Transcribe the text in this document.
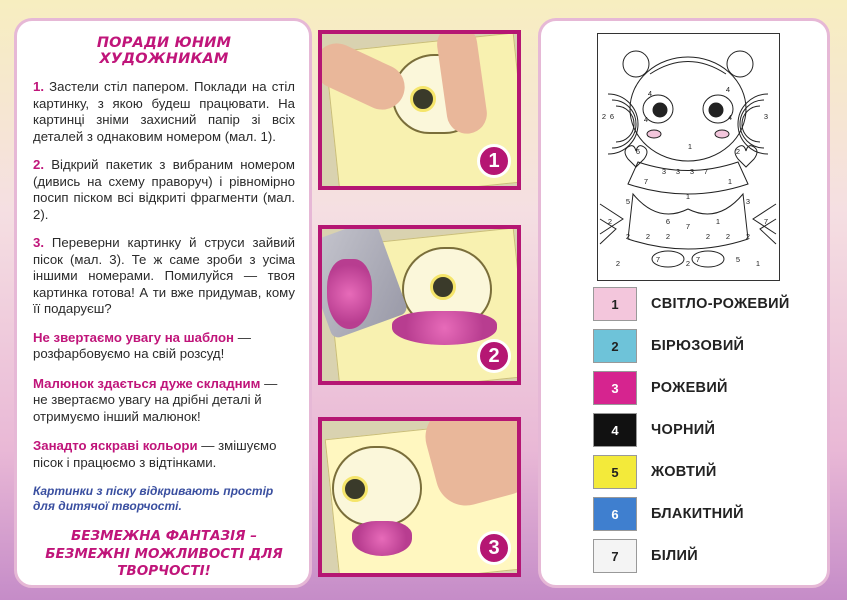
ПОРАДИ ЮНИМ ХУДОЖНИКАМ

1. Застели стіл папером. Поклади на стіл картинку, з якою будеш працювати. На картинці зніми захисний папір зі всіх деталей з однаковим номером (мал. 1).

2. Відкрий пакетик з вибраним номером (дивись на схему праворуч) і рівномірно посип піском всі відкриті фрагменти (мал. 2).

3. Переверни картинку й струси зайвий пісок (мал. 3). Те ж саме зроби з усіма іншими номерами. Помилуйся — твоя картинка готова! А ти вже придумав, кому її подаруєш?

Не звертаємо увагу на шаблон — розфарбовуємо на свій розсуд!

Малюнок здається дуже складним — не звертаємо увагу на дрібні деталі й отримуємо інший малюнок!

Занадто яскраві кольори — змішуємо пісок і працюємо з відтінками.

Картинки з піску відкривають простір для дитячої творчості.

БЕЗМЕЖНА ФАНТАЗІЯ – БЕЗМЕЖНІ МОЖЛИВОСТІ ДЛЯ ТВОРЧОСТІ!

1
2
3
4
4
4
4
1
6
2	3
3 3 3 7
7	1
1
2
2 2 2	2 2 2
7
7	7	5
5	3
7
2	1
6	2
6	1
2
1	СВІТЛО-РОЖЕВИЙ
2	БІРЮЗОВИЙ
3	РОЖЕВИЙ
4	ЧОРНИЙ
5	ЖОВТИЙ
6	БЛАКИТНИЙ
7	БІЛИЙ
